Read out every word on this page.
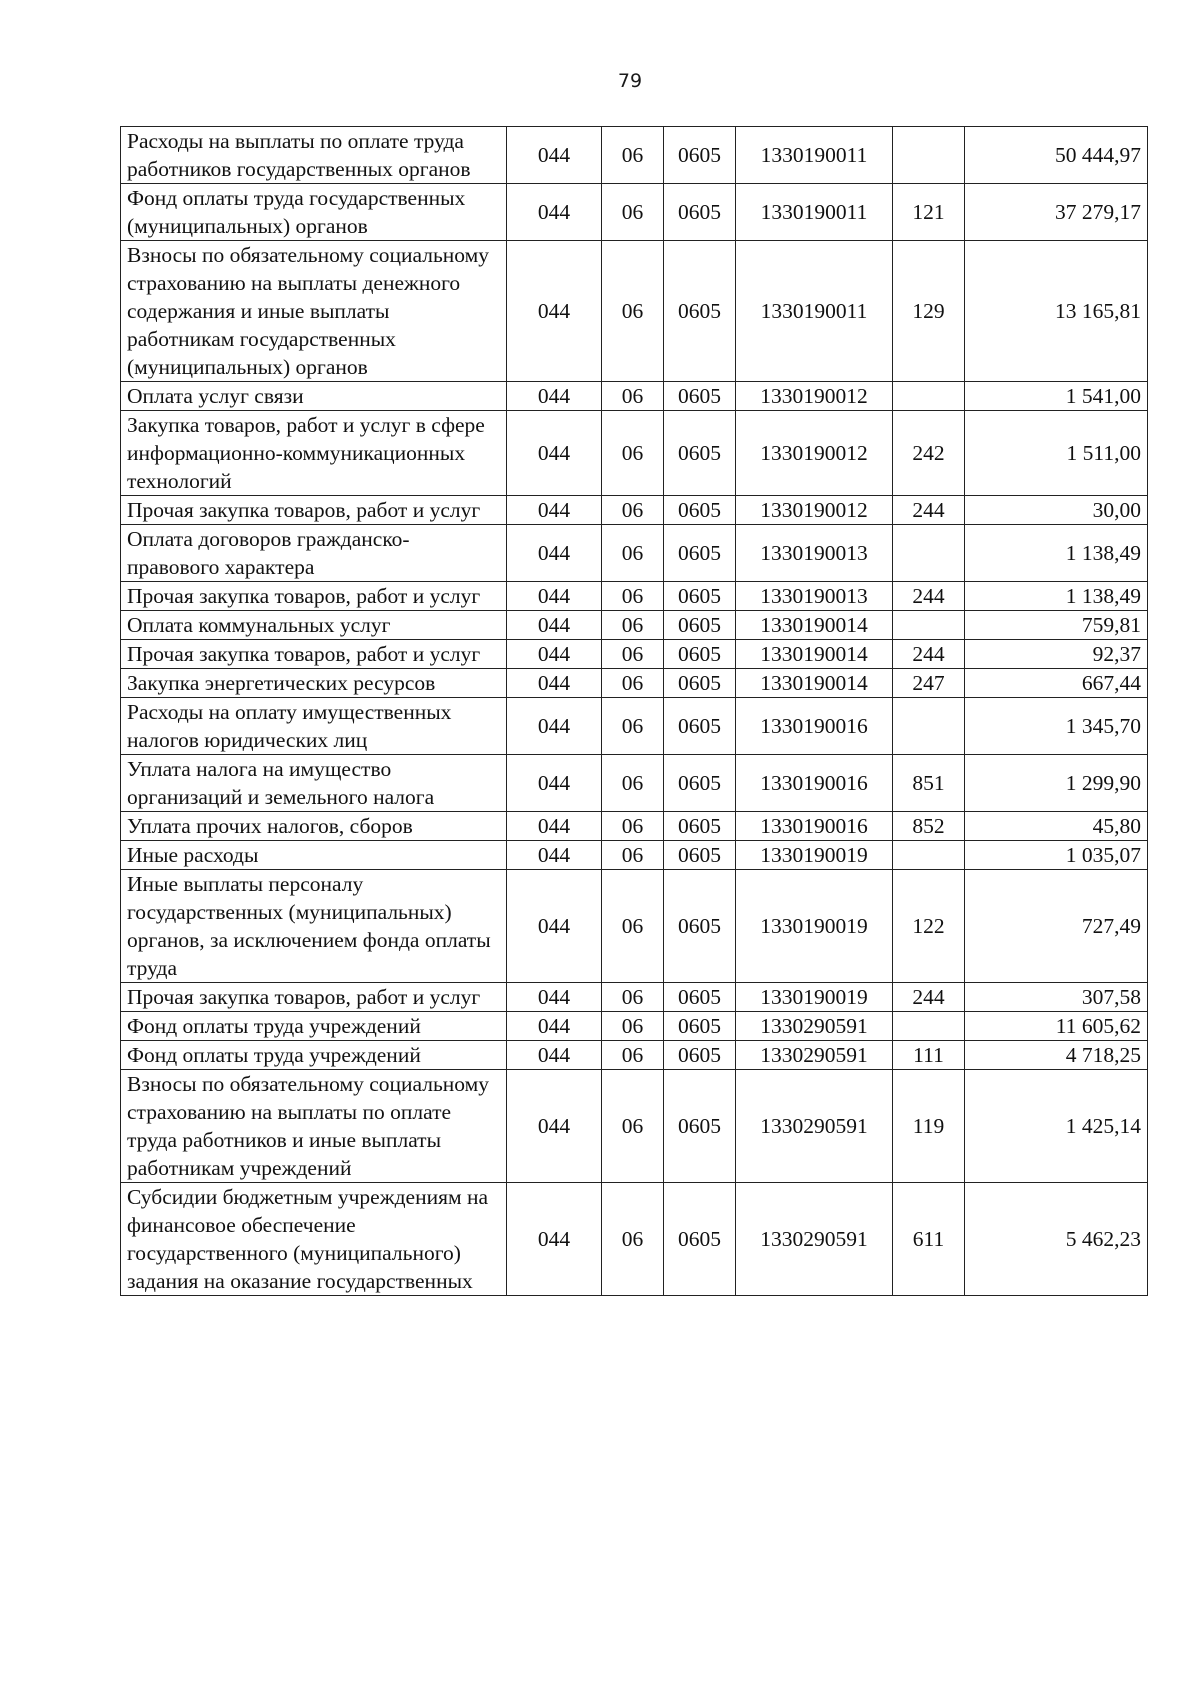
79
Расходы на выплаты по оплате труда работников государственных органов	044	06	0605	1330190011		50 444,97
Фонд оплаты труда государственных (муниципальных) органов	044	06	0605	1330190011	121	37 279,17
Взносы по обязательному социальному страхованию на выплаты денежного содержания и иные выплаты работникам государственных (муниципальных) органов	044	06	0605	1330190011	129	13 165,81
Оплата услуг связи	044	06	0605	1330190012		1 541,00
Закупка товаров, работ и услуг в сфере информационно-коммуникационных технологий	044	06	0605	1330190012	242	1 511,00
Прочая закупка товаров, работ и услуг	044	06	0605	1330190012	244	30,00
Оплата договоров гражданско-правового характера	044	06	0605	1330190013		1 138,49
Прочая закупка товаров, работ и услуг	044	06	0605	1330190013	244	1 138,49
Оплата коммунальных услуг	044	06	0605	1330190014		759,81
Прочая закупка товаров, работ и услуг	044	06	0605	1330190014	244	92,37
Закупка энергетических ресурсов	044	06	0605	1330190014	247	667,44
Расходы на оплату имущественных налогов юридических лиц	044	06	0605	1330190016		1 345,70
Уплата налога на имущество организаций и земельного налога	044	06	0605	1330190016	851	1 299,90
Уплата прочих налогов, сборов	044	06	0605	1330190016	852	45,80
Иные расходы	044	06	0605	1330190019		1 035,07
Иные выплаты персоналу государственных (муниципальных) органов, за исключением фонда оплаты труда	044	06	0605	1330190019	122	727,49
Прочая закупка товаров, работ и услуг	044	06	0605	1330190019	244	307,58
Фонд оплаты труда учреждений	044	06	0605	1330290591		11 605,62
Фонд оплаты труда учреждений	044	06	0605	1330290591	111	4 718,25
Взносы по обязательному социальному страхованию на выплаты по оплате труда работников и иные выплаты работникам учреждений	044	06	0605	1330290591	119	1 425,14
Субсидии бюджетным учреждениям на финансовое обеспечение государственного (муниципального) задания на оказание государственных	044	06	0605	1330290591	611	5 462,23
